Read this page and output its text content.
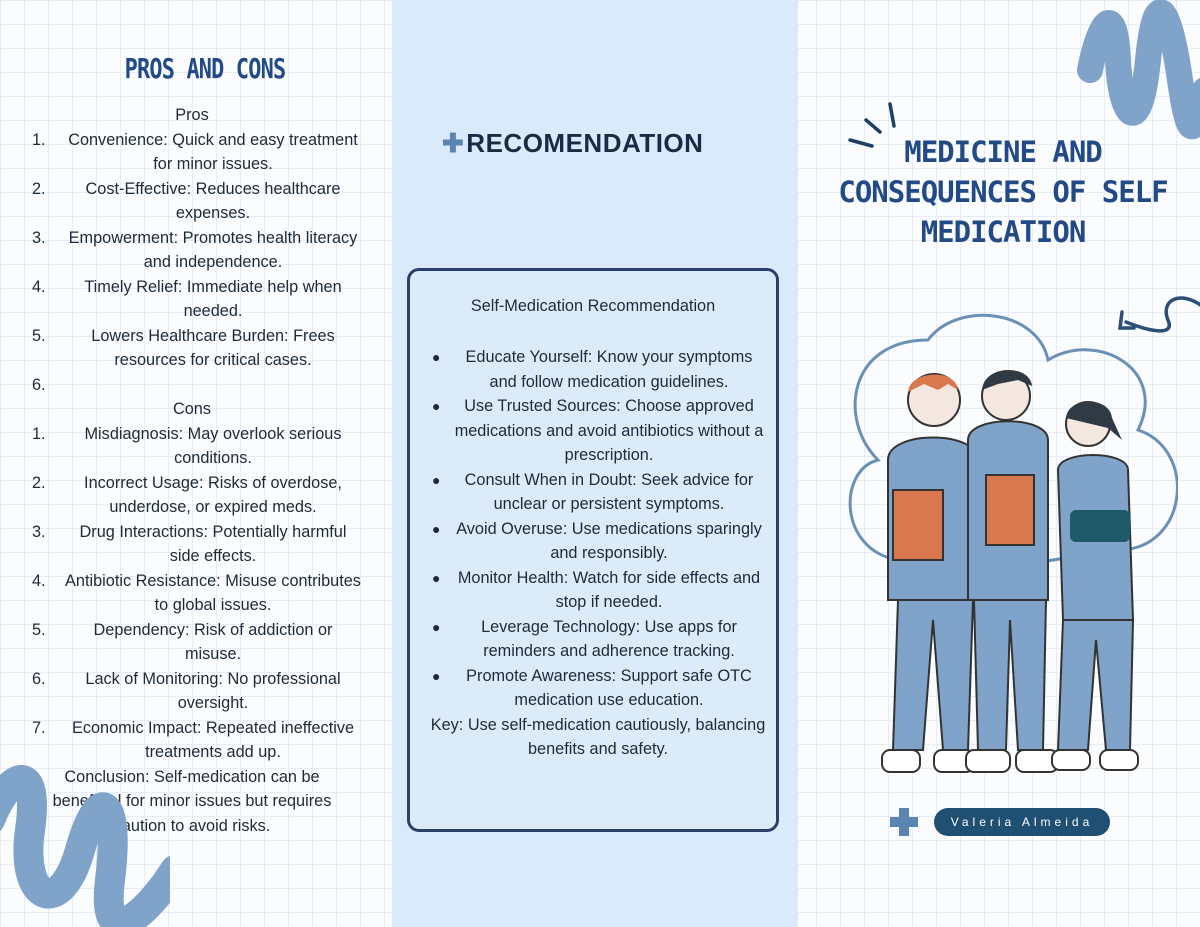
PROS AND CONS
Pros
1. Convenience: Quick and easy treatment for minor issues.
2. Cost-Effective: Reduces healthcare expenses.
3. Empowerment: Promotes health literacy and independence.
4. Timely Relief: Immediate help when needed.
5.	Lowers Healthcare Burden: Frees resources for critical cases.
6.
Cons
1. Misdiagnosis: May overlook serious conditions.
2. Incorrect Usage: Risks of overdose, underdose, or expired meds.
3. Drug Interactions: Potentially harmful side effects.
4. Antibiotic Resistance: Misuse contributes to global issues.
5.	Dependency: Risk of addiction or misuse.
6. Lack of Monitoring: No professional oversight.
7. Economic Impact: Repeated ineffective treatments add up.
Conclusion: Self-medication can be beneficial for minor issues but requires caution to avoid risks.
✚RECOMENDATION
Self-Medication Recommendation
● Educate Yourself: Know your symptoms and follow medication guidelines.
● Use Trusted Sources: Choose approved medications and avoid antibiotics without a prescription.
● Consult When in Doubt: Seek advice for unclear or persistent symptoms.
● Avoid Overuse: Use medications sparingly and responsibly.
● Monitor Health: Watch for side effects and stop if needed.
● Leverage Technology: Use apps for reminders and adherence tracking.
● Promote Awareness: Support safe OTC medication use education.
Key: Use self-medication cautiously, balancing benefits and safety.
MEDICINE AND
CONSEQUENCES OF SELF
MEDICATION
Valeria Almeida
